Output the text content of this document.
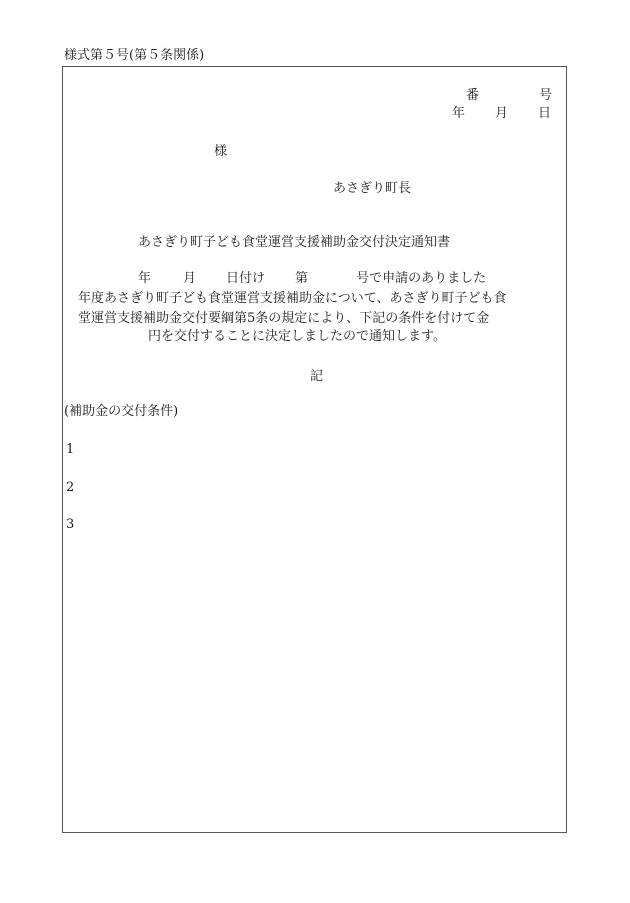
様式第５号(第５条関係)
番	号
年 月 日
様
あさぎり町長
あさぎり町子ども食堂運営支援補助金交付決定通知書
年 月 日付け 第	号で申請のありました
年度あさぎり町子ども食堂運営支援補助金について、あさぎり町子ども食
堂運営支援補助金交付要綱第5条の規定により、下記の条件を付けて金
円を交付することに決定しましたので通知します。
記
(補助金の交付条件)
1
2
3
